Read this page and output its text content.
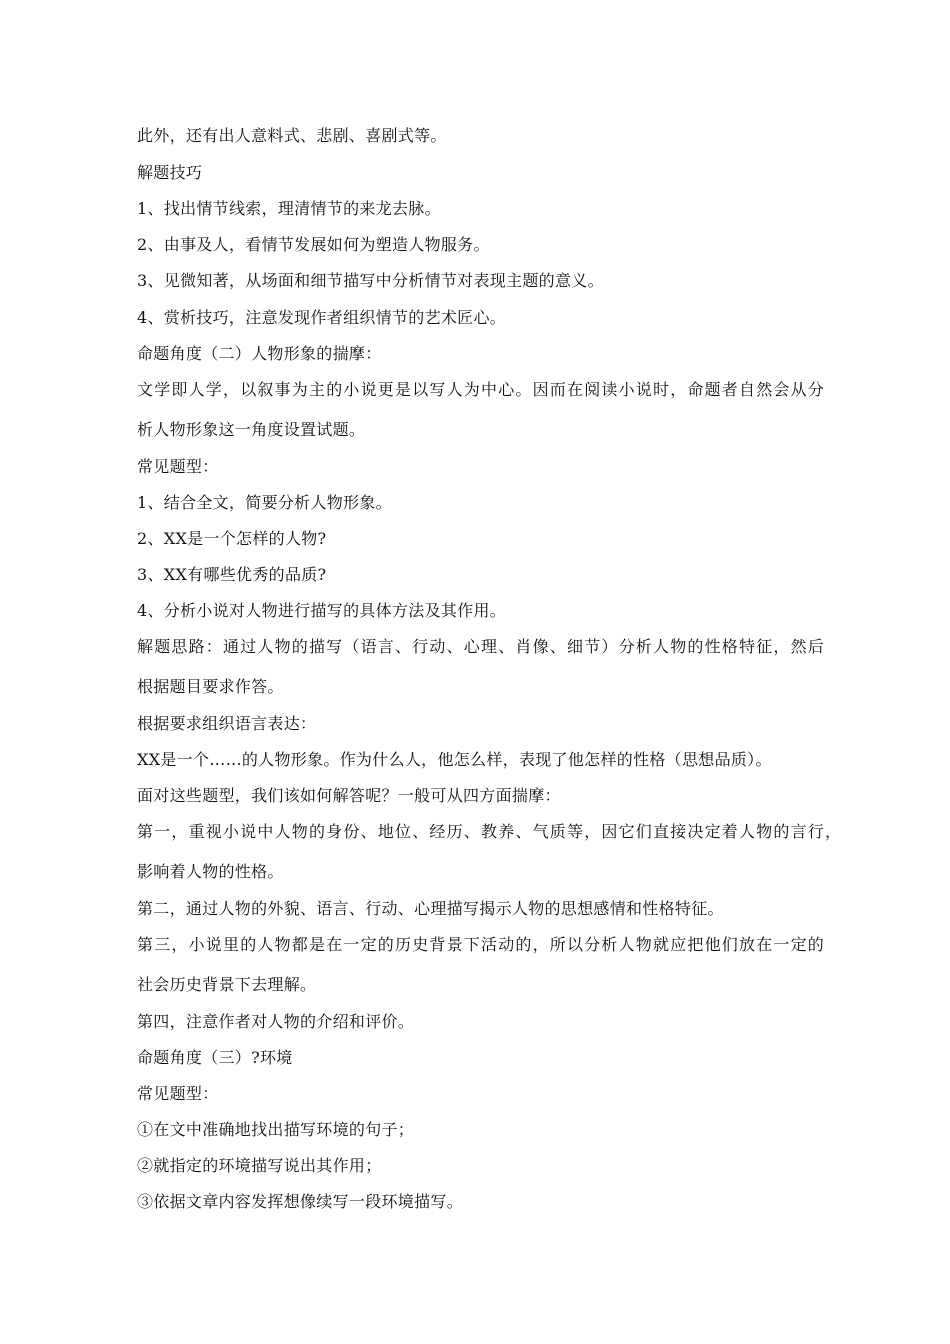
此外，还有出人意料式、悲剧、喜剧式等。
解题技巧
1、找出情节线索，理清情节的来龙去脉。
2、由事及人，看情节发展如何为塑造人物服务。
3、见微知著，从场面和细节描写中分析情节对表现主题的意义。
4、赏析技巧，注意发现作者组织情节的艺术匠心。
命题角度（二）人物形象的揣摩：
文学即人学，以叙事为主的小说更是以写人为中心。因而在阅读小说时，命题者自然会从分
析人物形象这一角度设置试题。
常见题型：
1、结合全文，简要分析人物形象。
2、XX是一个怎样的人物?
3、XX有哪些优秀的品质?
4、分析小说对人物进行描写的具体方法及其作用。
解题思路：通过人物的描写（语言、行动、心理、肖像、细节）分析人物的性格特征，然后
根据题目要求作答。
根据要求组织语言表达：
XX是一个……的人物形象。作为什么人，他怎么样，表现了他怎样的性格（思想品质）。
面对这些题型，我们该如何解答呢？一般可从四方面揣摩：
第一，重视小说中人物的身份、地位、经历、教养、气质等，因它们直接决定着人物的言行，
影响着人物的性格。
第二，通过人物的外貌、语言、行动、心理描写揭示人物的思想感情和性格特征。
第三，小说里的人物都是在一定的历史背景下活动的，所以分析人物就应把他们放在一定的
社会历史背景下去理解。
第四，注意作者对人物的介绍和评价。
命题角度（三）?环境
常见题型：
①在文中准确地找出描写环境的句子；
②就指定的环境描写说出其作用；
③依据文章内容发挥想像续写一段环境描写。
